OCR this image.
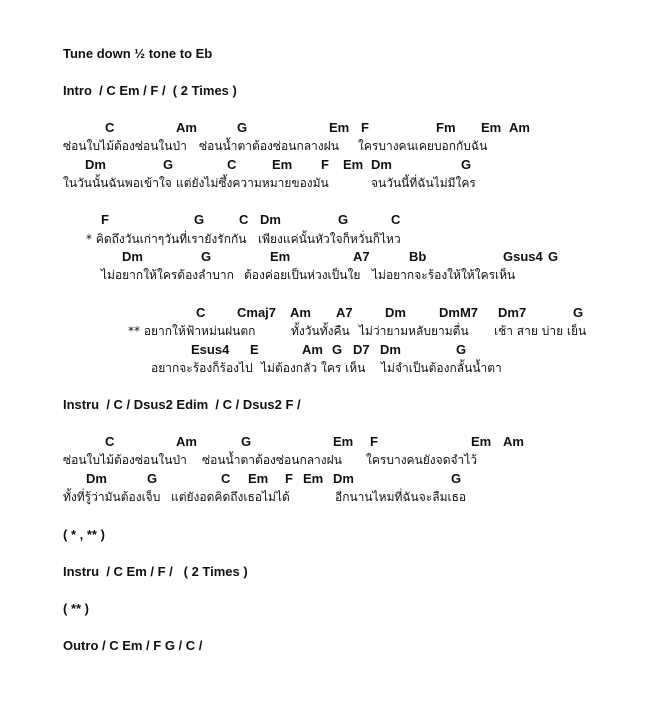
Tune down ½ tone to Eb
Intro  / C Em / F /  ( 2 Times )

C

	Am

	G

	Em

F

	Fm

Em

Am

ซ่อนใบไม้ต้องซ่อนในป่า

ซ่อนน้ำตาต้องซ่อนกลางฝน

ใครบางคนเคยบอกกับฉัน

Dm

	G

	C

	Em

F

Em

Dm

	G

ในวันนั้นฉันพอเข้าใจ

แต่ยังไม่ซึ้งความหมายของมัน

	จนวันนี้ที่ฉันไม่มีใคร

F

	G

	C

Dm

	G

	C

* คิดถึงวันเก่าๆวันที่เรายังรักกัน

เพียงแค่นั้นหัวใจก็หวั่นก็ไหว

Dm

	G

	Em

	A7

	Bb

	Gsus4

G

ไม่อยากให้ใครต้องลำบาก

ต้องค่อยเป็นห่วงเป็นใย

ไม่อยากจะร้องให้ให้ใครเห็น

C

Cmaj7

Am

A7

Dm

	DmM7

Dm7

	G

** อยากให้ฟ้าหม่นฝนตก

	ทั้งวันทั้งคืน

ไม่ว่ายามหลับยามตื่น

เช้า สาย บ่าย เย็น

Esus4

E

	Am

G

D7

Dm

	G

อยากจะร้องก็ร้องไป

ไม่ต้องกลัว ใคร เห็น

ไม่จำเป็นต้องกลั้นน้ำตา

Instru  / C / Dsus2 Edim  / C / Dsus2 F /

C

	Am

	G

	Em

F

	Em

Am

ซ่อนใบไม้ต้องซ่อนในป่า

ซ่อนน้ำตาต้องซ่อนกลางฝน

ใครบางคนยังจดจำไว้

Dm

	G

	C

Em

F

Em

Dm

	G

ทั้งที่รู้ว่ามันต้องเจ็บ

แต่ยังอดคิดถึงเธอไม่ได้

	อีกนานไหมที่ฉันจะลืมเธอ

( * , ** )
Instru  / C Em / F /   ( 2 Times )
( ** )
Outro / C Em / F G / C /
